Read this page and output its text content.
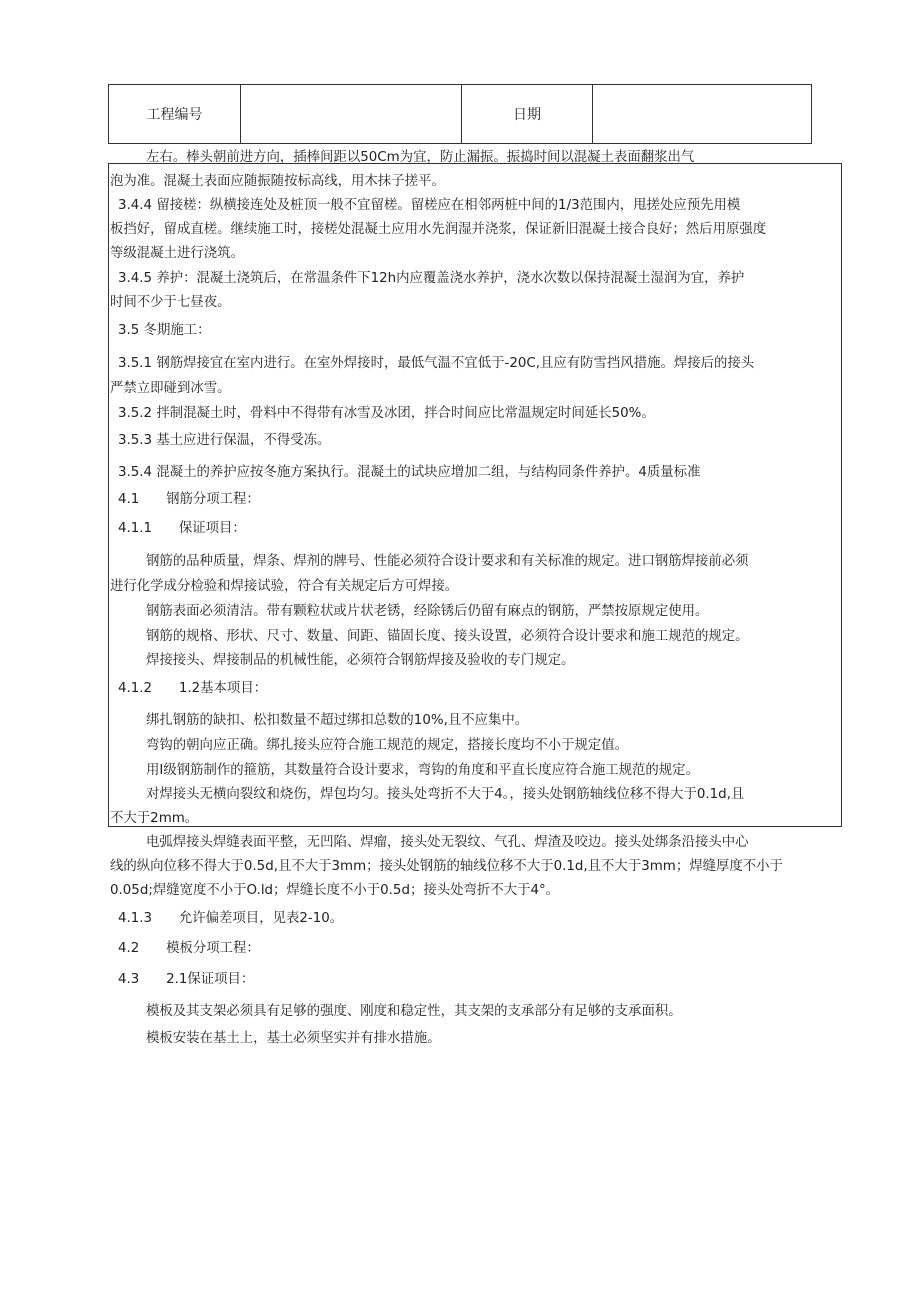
工程编号	日期
左右。棒头朝前进方向，插棒间距以50Cm为宜，防止漏振。振捣时间以混凝土表面翻浆出气
泡为准。混凝土表面应随振随按标高线，用木抹子搓平。
3.4.4 留接槎：纵横接连处及桩顶一般不宜留槎。留槎应在相邻两桩中间的1/3范围内，甩搓处应预先用模
板挡好，留成直槎。继续施工时，接槎处混凝土应用水先润湿并浇浆，保证新旧混凝土接合良好；然后用原强度
等级混凝土进行浇筑。
3.4.5 养护：混凝土浇筑后，在常温条件下12h内应覆盖浇水养护，浇水次数以保持混凝土湿润为宜，养护
时间不少于七昼夜。
3.5 冬期施工：
3.5.1 钢筋焊接宜在室内进行。在室外焊接时，最低气温不宜低于-20C,且应有防雪挡风措施。焊接后的接头
严禁立即碰到冰雪。
3.5.2 拌制混凝土时，骨料中不得带有冰雪及冰团，拌合时间应比常温规定时间延长50%。
3.5.3 基土应进行保温，不得受冻。
3.5.4 混凝土的养护应按冬施方案执行。混凝土的试块应增加二组，与结构同条件养护。4质量标准
4.1　　钢筋分项工程：
4.1.1　　保证项目：
钢筋的品种质量，焊条、焊剂的牌号、性能必须符合设计要求和有关标准的规定。进口钢筋焊接前必须
进行化学成分检验和焊接试验，符合有关规定后方可焊接。
钢筋表面必须清洁。带有颗粒状或片状老锈，经除锈后仍留有麻点的钢筋，严禁按原规定使用。
钢筋的规格、形状、尺寸、数量、间距、锚固长度、接头设置，必须符合设计要求和施工规范的规定。
焊接接头、焊接制品的机械性能，必须符合钢筋焊接及验收的专门规定。
4.1.2　　1.2基本项目：
绑扎钢筋的缺扣、松扣数量不超过绑扣总数的10%,且不应集中。
弯钩的朝向应正确。绑扎接头应符合施工规范的规定，搭接长度均不小于规定值。
用Ⅰ级钢筋制作的箍筋，其数量符合设计要求，弯钩的角度和平直长度应符合施工规范的规定。
对焊接头无横向裂纹和烧伤，焊包均匀。接头处弯折不大于4。，接头处钢筋轴线位移不得大于0.1d,且
不大于2mm。
电弧焊接头焊缝表面平整，无凹陷、焊瘤，接头处无裂纹、气孔、焊渣及咬边。接头处绑条沿接头中心
线的纵向位移不得大于0.5d,且不大于3mm；接头处钢筋的轴线位移不大于0.1d,且不大于3mm；焊缝厚度不小于
0.05d;焊缝宽度不小于O.ld；焊缝长度不小于0.5d；接头处弯折不大于4°。
4.1.3　　允许偏差项目，见表2-10。
4.2　　模板分项工程：
4.3　　2.1保证项目：
模板及其支架必须具有足够的强度、刚度和稳定性，其支架的支承部分有足够的支承面积。
模板安装在基土上，基土必须坚实并有排水措施。
